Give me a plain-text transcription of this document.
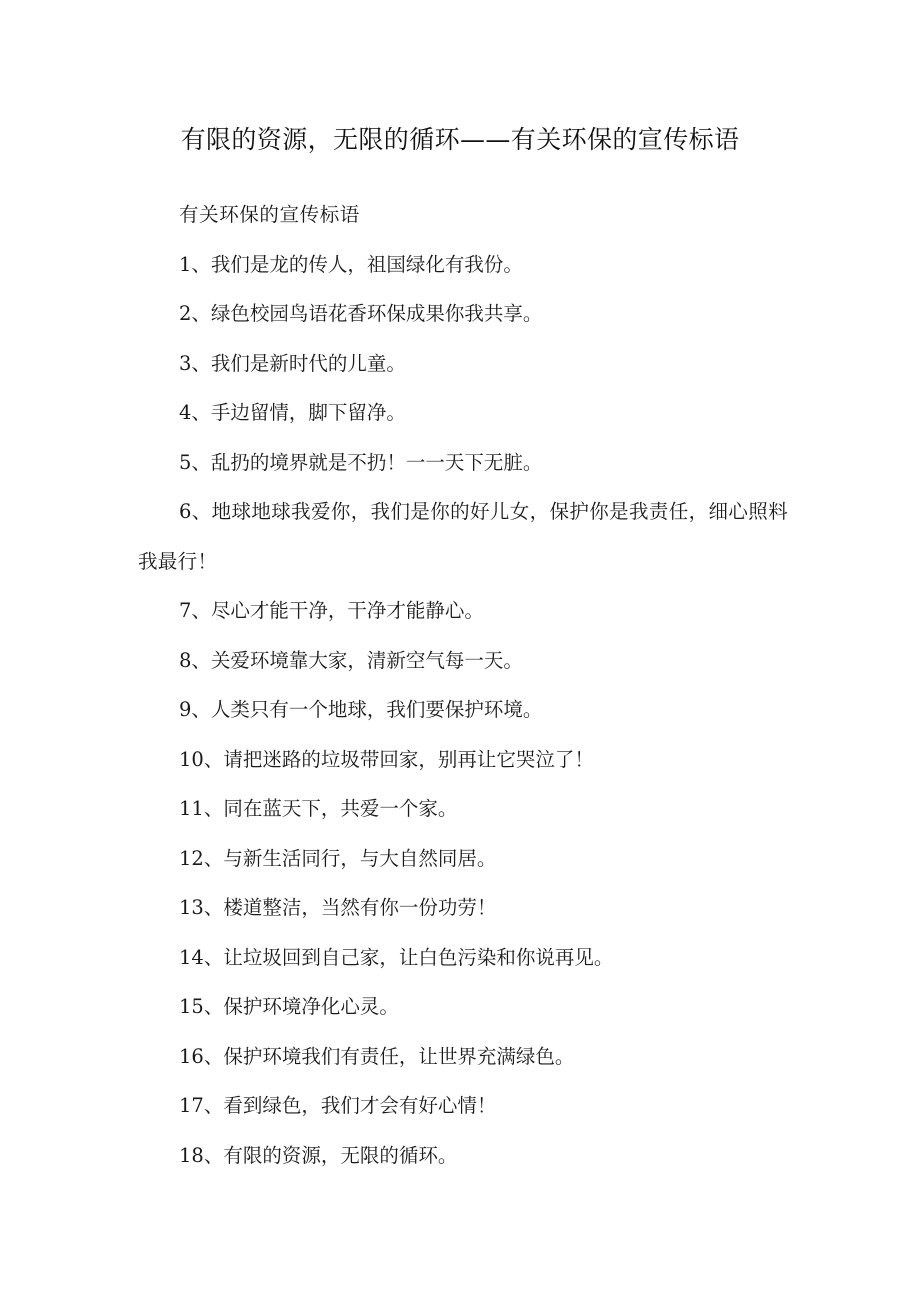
有限的资源，无限的循环——有关环保的宣传标语

有关环保的宣传标语

1、我们是龙的传人，祖国绿化有我份。

2、绿色校园鸟语花香环保成果你我共享。

3、我们是新时代的儿童。

4、手边留情，脚下留净。

5、乱扔的境界就是不扔！一一天下无脏。

6、地球地球我爱你，我们是你的好儿女，保护你是我责任，细心照料我最行！

7、尽心才能干净，干净才能静心。

8、关爱环境靠大家，清新空气每一天。

9、人类只有一个地球，我们要保护环境。

10、请把迷路的垃圾带回家，别再让它哭泣了！

11、同在蓝天下，共爱一个家。

12、与新生活同行，与大自然同居。

13、楼道整洁，当然有你一份功劳！

14、让垃圾回到自己家，让白色污染和你说再见。

15、保护环境净化心灵。

16、保护环境我们有责任，让世界充满绿色。

17、看到绿色，我们才会有好心情！

18、有限的资源，无限的循环。
